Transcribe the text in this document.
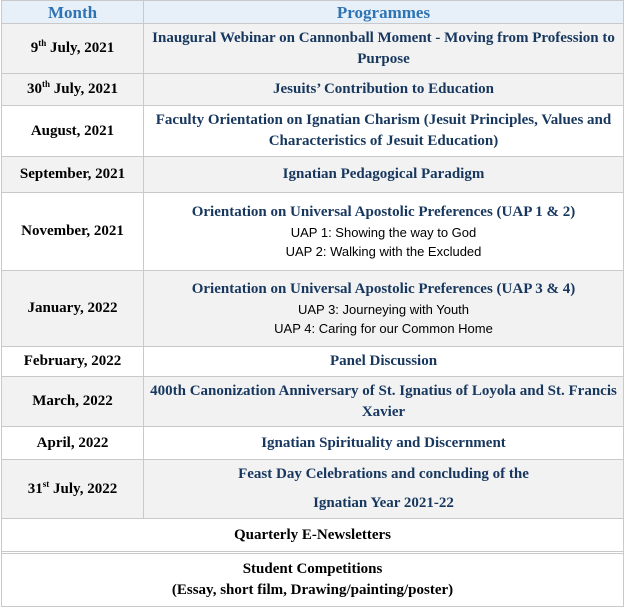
Month	Programmes
9th July, 2021	Inaugural Webinar on Cannonball Moment - Moving from Profession to Purpose
30th July, 2021	Jesuits’ Contribution to Education
August, 2021	Faculty Orientation on Ignatian Charism (Jesuit Principles, Values and Characteristics of Jesuit Education)
September, 2021	Ignatian Pedagogical Paradigm
November, 2021	Orientation on Universal Apostolic Preferences (UAP 1 & 2)
UAP 1: Showing the way to God
UAP 2: Walking with the Excluded

January, 2022	Orientation on Universal Apostolic Preferences (UAP 3 & 4)
UAP 3: Journeying with Youth
UAP 4: Caring for our Common Home

February, 2022	Panel Discussion
March, 2022	400th Canonization Anniversary of St. Ignatius of Loyola and St. Francis Xavier
April, 2022	Ignatian Spirituality and Discernment
31st July, 2022	Feast Day Celebrations and concluding of the
Ignatian Year 2021-22

Quarterly E-Newsletters	

Student Competitions
(Essay, short film, Drawing/painting/poster)	
